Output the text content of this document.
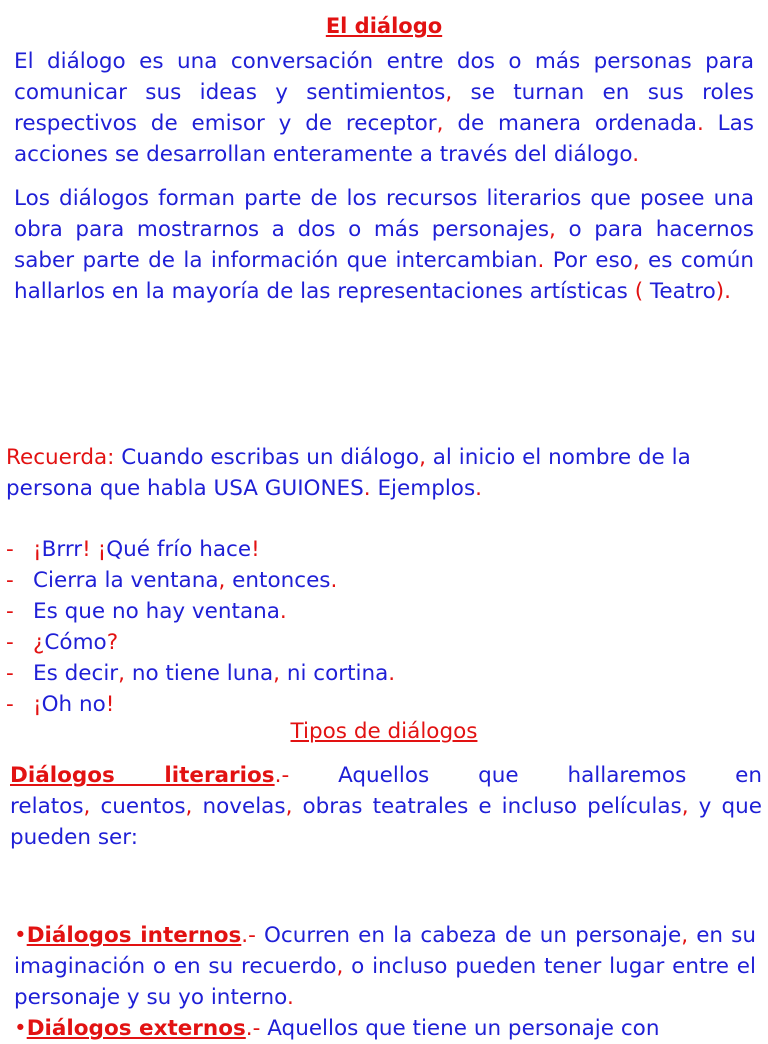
El diálogo
El diálogo es una conversación entre dos o más personas para comunicar sus ideas y sentimientos, se turnan en sus roles respectivos de emisor y de receptor, de manera ordenada. Las acciones se desarrollan enteramente a través del diálogo.
Los diálogos forman parte de los recursos literarios que posee una obra para mostrarnos a dos o más personajes, o para hacernos saber parte de la información que intercambian. Por eso, es común hallarlos en la mayoría de las representaciones artísticas ( Teatro).
Recuerda: Cuando escribas un diálogo, al inicio el nombre de la persona que habla USA GUIONES. Ejemplos.
- ¡Brrr! ¡Qué frío hace!
- Cierra la ventana, entonces.
- Es que no hay ventana.
- ¿Cómo?
- Es decir, no tiene luna, ni cortina.
- ¡Oh no!
Tipos de diálogos
Diálogos literarios.- Aquellos que hallaremos en
relatos, cuentos, novelas, obras teatrales e incluso películas, y que pueden ser:
•Diálogos internos.- Ocurren en la cabeza de un personaje, en su imaginación o en su recuerdo, o incluso pueden tener lugar entre el personaje y su yo interno.
•Diálogos externos.- Aquellos que tiene un personaje con
